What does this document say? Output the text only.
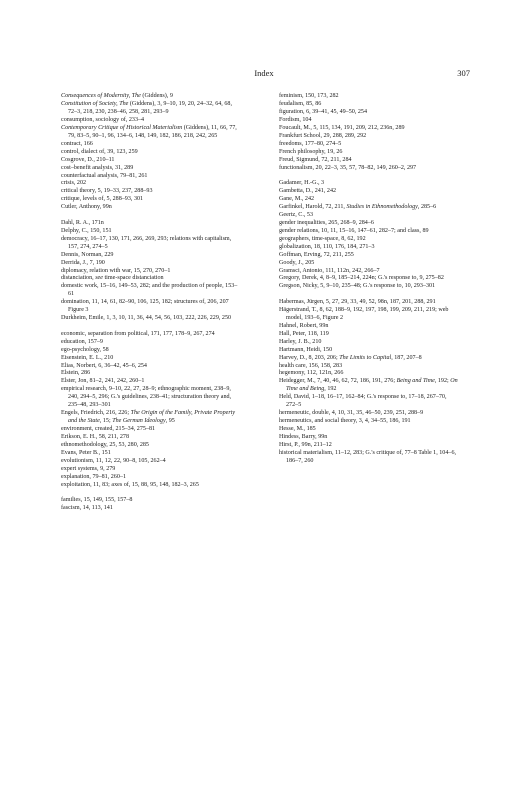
Index	307
Consequences of Modernity, The (Giddens), 9
Constitution of Society, The (Giddens), 3, 9–10, 19, 20, 24–32, 64, 68, 72–3, 218, 230, 238–46, 258, 281, 293–9
consumption, sociology of, 233–4
Contemporary Critique of Historical Materialism (Giddens), 11, 66, 77, 79, 83–5, 90–1, 96, 134–6, 148, 149, 182, 186, 218, 242, 265
contract, 166
control, dialect of, 39, 123, 259
Cosgrove, D., 210–11
cost–benefit analysis, 31, 289
counterfactual analysis, 79–81, 261
crisis, 202
critical theory, 5, 19–33, 237, 288–93
critique, levels of, 5, 288–93, 301
Cutler, Anthony, 99n
Dahl, R. A., 171n
Delphy, C., 150, 151
democracy, 16–17, 130, 171, 266, 269, 293; relations with capitalism, 157, 274, 274–5
Dennis, Norman, 229
Derrida, J., 7, 190
diplomacy, relation with war, 15, 270, 270–1
distanciation, see time-space distanciation
domestic work, 15–16, 149–53, 282; and the production of people, 153–61
domination, 11, 14, 61, 82–90, 106, 125, 182; structures of, 206, 207 Figure 3
Durkheim, Emile, 1, 3, 10, 11, 36, 44, 54, 56, 103, 222, 226, 229, 250
economic, separation from political, 171, 177, 178–9, 267, 274
education, 157–9
ego-psychology, 58
Eisenstein, E. L., 210
Elias, Norbert, 6, 36–42, 45–6, 254
Elstein, 286
Elster, Jon, 81–2, 241, 242, 260–1
empirical research, 9–10, 22, 27, 28–9; ethnographic moment, 238–9, 240, 294–5, 296; G.'s guidelines, 238–41; structuration theory and, 235–48, 293–301
Engels, Friedrich, 216, 226; The Origin of the Family, Private Property and the State, 15; The German Ideology, 95
environment, created, 215–34, 275–81
Erikson, E. H., 58, 211, 278
ethnomethodology, 25, 53, 280, 285
Evans, Peter B., 151
evolutionism, 11, 12, 22, 90–8, 105, 262–4
expert systems, 9, 279
explanation, 79–81, 260–1
exploitation, 11, 83; axes of, 15, 88, 95, 148, 182–3, 265
families, 15, 149, 155, 157–8
fascism, 14, 113, 141
feminism, 150, 173, 282
feudalism, 85, 86
figuration, 6, 39–41, 45, 49–50, 254
Fordism, 104
Foucault, M., 5, 115, 134, 191, 209, 212, 236n, 289
Frankfurt School, 29, 288, 289, 292
freedoms, 177–80, 274–5
French philosophy, 19, 26
Freud, Sigmund, 72, 211, 284
functionalism, 20, 22–3, 35, 57, 78–82, 149, 260–2, 297
Gadamer, H.-G., 3
Gambetta, D., 241, 242
Gane, M., 242
Garfinkel, Harold, 72, 211, Studies in Ethnomethodology, 285–6
Geertz, C., 53
gender inequalities, 265, 268–9, 284–6
gender relations, 10, 11, 15–16, 147–61, 282–7; and class, 89
geographers, time-space, 8, 62, 192
globalization, 18, 110, 176, 184, 271–3
Goffman, Erving, 72, 211, 255
Goody, J., 205
Gramsci, Antonio, 111, 112n, 242, 266–7
Gregory, Derek, 4, 8–9, 185–214, 224n; G.'s response to, 9, 275–82
Gregson, Nicky, 5, 9–10, 235–48; G.'s response to, 10, 293–301
Habermas, Jürgen, 5, 27, 29, 33, 49, 52, 98n, 187, 201, 288, 291
Hägerstrand, T., 8, 62, 188–9, 192, 197, 198, 199, 209, 211, 219; web model, 193–6, Figure 2
Hahnel, Robert, 99n
Hall, Peter, 118, 119
Harley, J. B., 210
Hartmann, Heidi, 150
Harvey, D., 8, 203, 206; The Limits to Capital, 187, 207–8
health care, 156, 158, 283
hegemony, 112, 121n, 266
Heidegger, M., 7, 40, 46, 62, 72, 186, 191, 276; Being and Time, 192; On Time and Being, 192
Held, David, 1–18, 16–17, 162–84; G.'s response to, 17–18, 267–70, 272–5
hermeneutic, double, 4, 10, 31, 35, 46–50, 239, 251, 288–9
hermeneutics, and social theory, 3, 4, 34–55, 186, 191
Hesse, M., 185
Hindess, Barry, 99n
Hirst, P., 99n, 211–12
historical materialism, 11–12, 283; G.'s critique of, 77–8 Table 1, 104–6, 186–7, 260
